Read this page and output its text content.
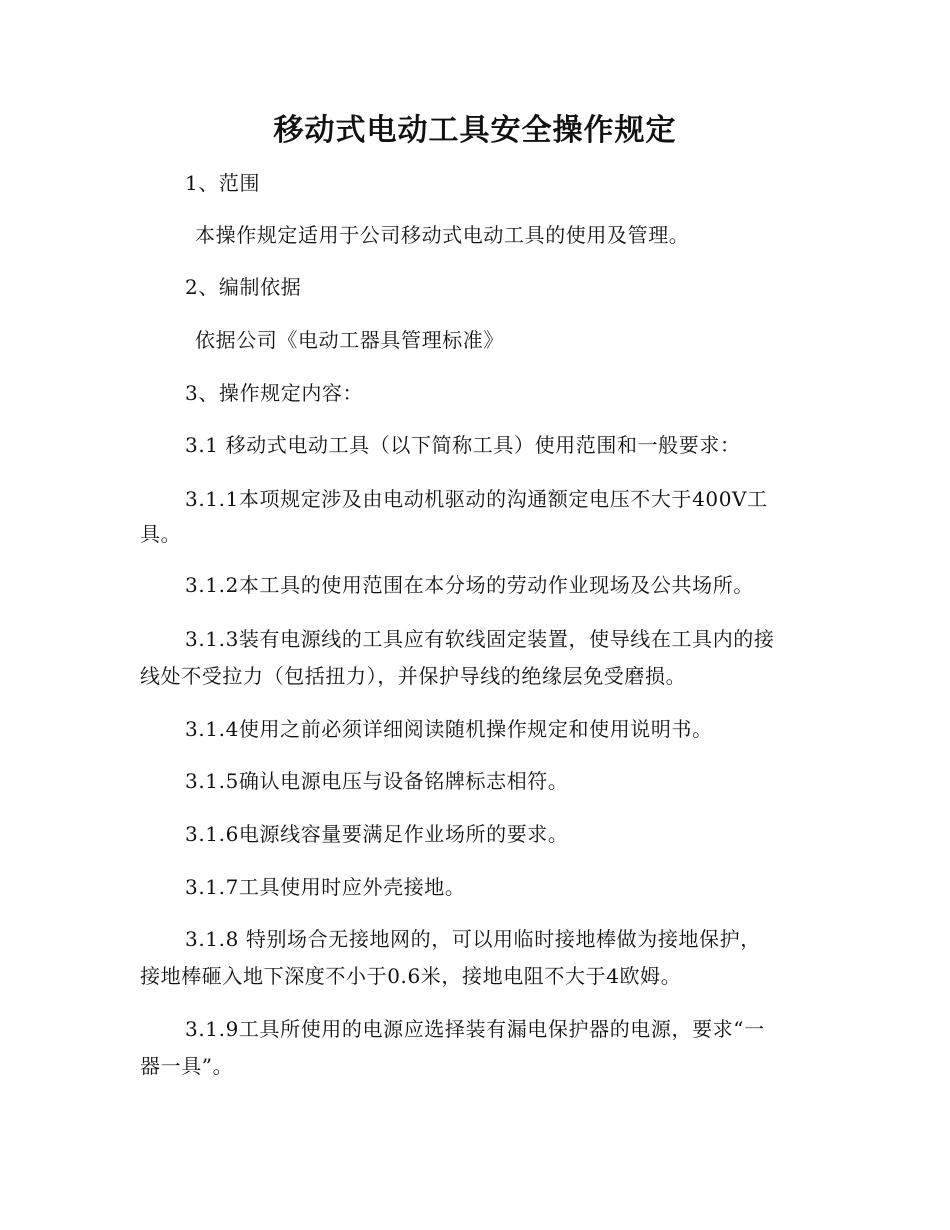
移动式电动工具安全操作规定
1、范围
本操作规定适用于公司移动式电动工具的使用及管理。
2、编制依据
依据公司《电动工器具管理标准》
3、操作规定内容：
3.1 移动式电动工具（以下简称工具）使用范围和一般要求：
3.1.1本项规定涉及由电动机驱动的沟通额定电压不大于400V工
具。
3.1.2本工具的使用范围在本分场的劳动作业现场及公共场所。
3.1.3装有电源线的工具应有软线固定装置，使导线在工具内的接
线处不受拉力（包括扭力），并保护导线的绝缘层免受磨损。
3.1.4使用之前必须详细阅读随机操作规定和使用说明书。
3.1.5确认电源电压与设备铭牌标志相符。
3.1.6电源线容量要满足作业场所的要求。
3.1.7工具使用时应外壳接地。
3.1.8 特别场合无接地网的，可以用临时接地棒做为接地保护，
接地棒砸入地下深度不小于0.6米，接地电阻不大于4欧姆。
3.1.9工具所使用的电源应选择装有漏电保护器的电源，要求“一
器一具”。
